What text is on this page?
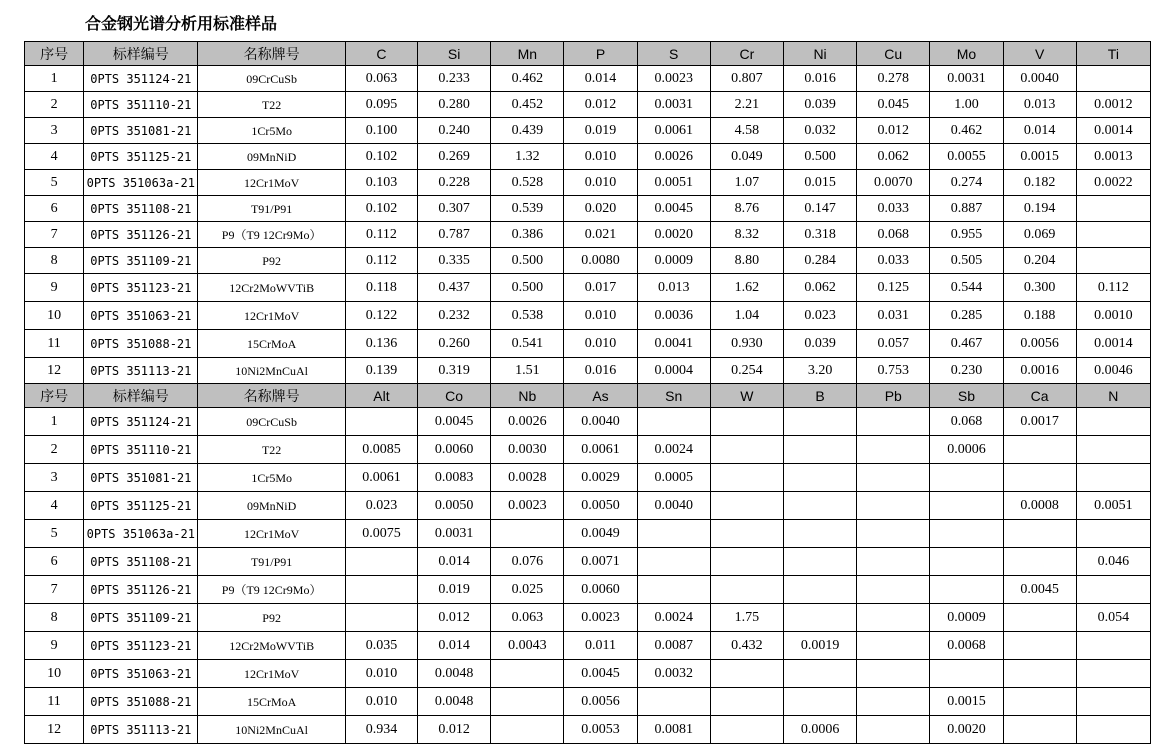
合金钢光谱分析用标准样品
序号	标样编号	名称牌号	C	Si	Mn	P	S	Cr	Ni	Cu	Mo	V	Ti
1	0PTS 351124-21	09CrCuSb	0.063	0.233	0.462	0.014	0.0023	0.807	0.016	0.278	0.0031	0.0040	
2	0PTS 351110-21	T22	0.095	0.280	0.452	0.012	0.0031	2.21	0.039	0.045	1.00	0.013	0.0012
3	0PTS 351081-21	1Cr5Mo	0.100	0.240	0.439	0.019	0.0061	4.58	0.032	0.012	0.462	0.014	0.0014
4	0PTS 351125-21	09MnNiD	0.102	0.269	1.32	0.010	0.0026	0.049	0.500	0.062	0.0055	0.0015	0.0013
5	0PTS 351063a-21	12Cr1MoV	0.103	0.228	0.528	0.010	0.0051	1.07	0.015	0.0070	0.274	0.182	0.0022
6	0PTS 351108-21	T91/P91	0.102	0.307	0.539	0.020	0.0045	8.76	0.147	0.033	0.887	0.194	
7	0PTS 351126-21	P9（T9 12Cr9Mo）	0.112	0.787	0.386	0.021	0.0020	8.32	0.318	0.068	0.955	0.069	
8	0PTS 351109-21	P92	0.112	0.335	0.500	0.0080	0.0009	8.80	0.284	0.033	0.505	0.204	
9	0PTS 351123-21	12Cr2MoWVTiB	0.118	0.437	0.500	0.017	0.013	1.62	0.062	0.125	0.544	0.300	0.112
10	0PTS 351063-21	12Cr1MoV	0.122	0.232	0.538	0.010	0.0036	1.04	0.023	0.031	0.285	0.188	0.0010
11	0PTS 351088-21	15CrMoA	0.136	0.260	0.541	0.010	0.0041	0.930	0.039	0.057	0.467	0.0056	0.0014
12	0PTS 351113-21	10Ni2MnCuAl	0.139	0.319	1.51	0.016	0.0004	0.254	3.20	0.753	0.230	0.0016	0.0046
序号	标样编号	名称牌号	Alt	Co	Nb	As	Sn	W	B	Pb	Sb	Ca	N
1	0PTS 351124-21	09CrCuSb		0.0045	0.0026	0.0040					0.068	0.0017	
2	0PTS 351110-21	T22	0.0085	0.0060	0.0030	0.0061	0.0024				0.0006		
3	0PTS 351081-21	1Cr5Mo	0.0061	0.0083	0.0028	0.0029	0.0005						
4	0PTS 351125-21	09MnNiD	0.023	0.0050	0.0023	0.0050	0.0040					0.0008	0.0051
5	0PTS 351063a-21	12Cr1MoV	0.0075	0.0031		0.0049							
6	0PTS 351108-21	T91/P91		0.014	0.076	0.0071							0.046
7	0PTS 351126-21	P9（T9 12Cr9Mo）		0.019	0.025	0.0060						0.0045	
8	0PTS 351109-21	P92		0.012	0.063	0.0023	0.0024	1.75			0.0009		0.054
9	0PTS 351123-21	12Cr2MoWVTiB	0.035	0.014	0.0043	0.011	0.0087	0.432	0.0019		0.0068		
10	0PTS 351063-21	12Cr1MoV	0.010	0.0048		0.0045	0.0032						
11	0PTS 351088-21	15CrMoA	0.010	0.0048		0.0056					0.0015		
12	0PTS 351113-21	10Ni2MnCuAl	0.934	0.012		0.0053	0.0081		0.0006		0.0020		
